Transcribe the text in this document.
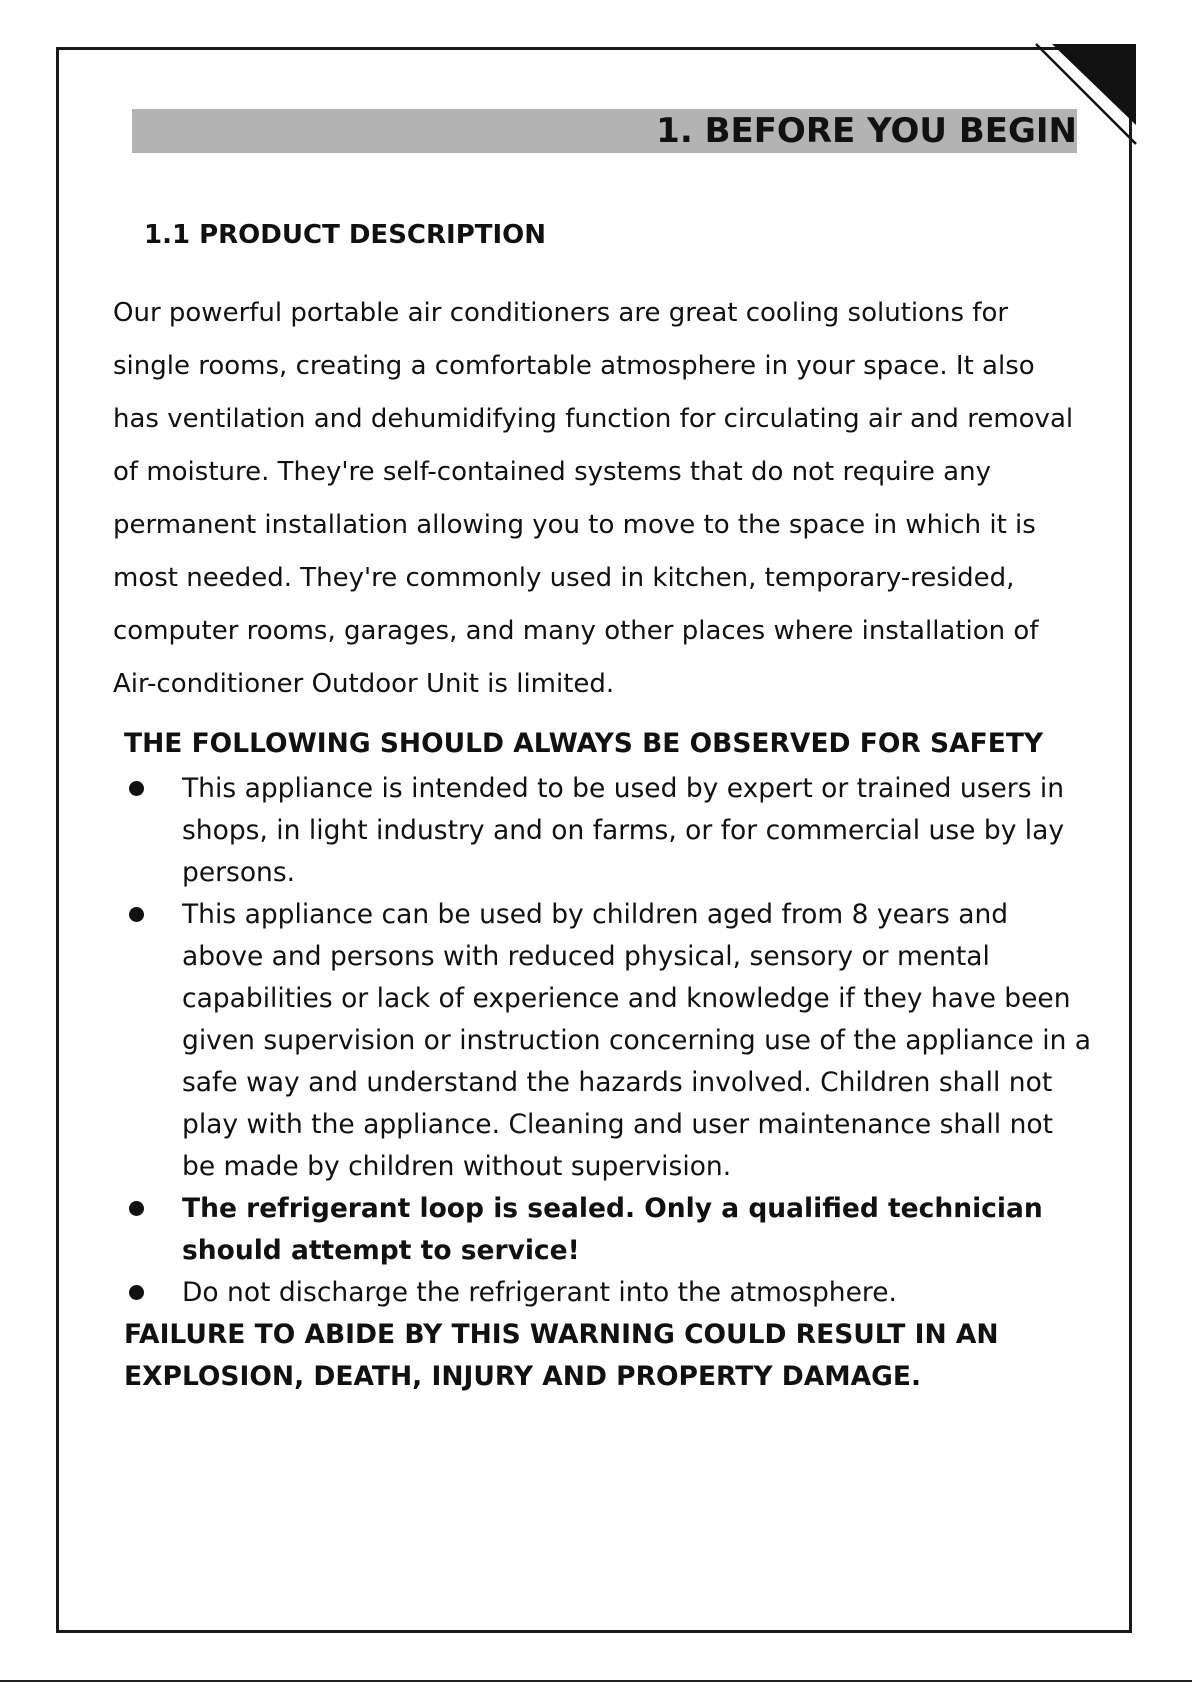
1. BEFORE YOU BEGIN
1.1 PRODUCT DESCRIPTION

Our powerful portable air conditioners are great cooling solutions for
single rooms, creating a comfortable atmosphere in your space. It also
has ventilation and dehumidifying function for circulating air and removal
of moisture. They're self-contained systems that do not require any
permanent installation allowing you to move to the space in which it is
most needed. They're commonly used in kitchen, temporary-resided,
computer rooms, garages, and many other places where installation of
Air-conditioner Outdoor Unit is limited.

THE FOLLOWING SHOULD ALWAYS BE OBSERVED FOR SAFETY
This appliance is intended to be used by expert or trained users in
shops, in light industry and on farms, or for commercial use by lay
persons.
This appliance can be used by children aged from 8 years and
above and persons with reduced physical, sensory or mental
capabilities or lack of experience and knowledge if they have been
given supervision or instruction concerning use of the appliance in a
safe way and understand the hazards involved. Children shall not
play with the appliance. Cleaning and user maintenance shall not
be made by children without supervision.
The refrigerant loop is sealed. Only a qualified technician
should attempt to service!
Do not discharge the refrigerant into the atmosphere.

FAILURE TO ABIDE BY THIS WARNING COULD RESULT IN AN
EXPLOSION, DEATH, INJURY AND PROPERTY DAMAGE.
